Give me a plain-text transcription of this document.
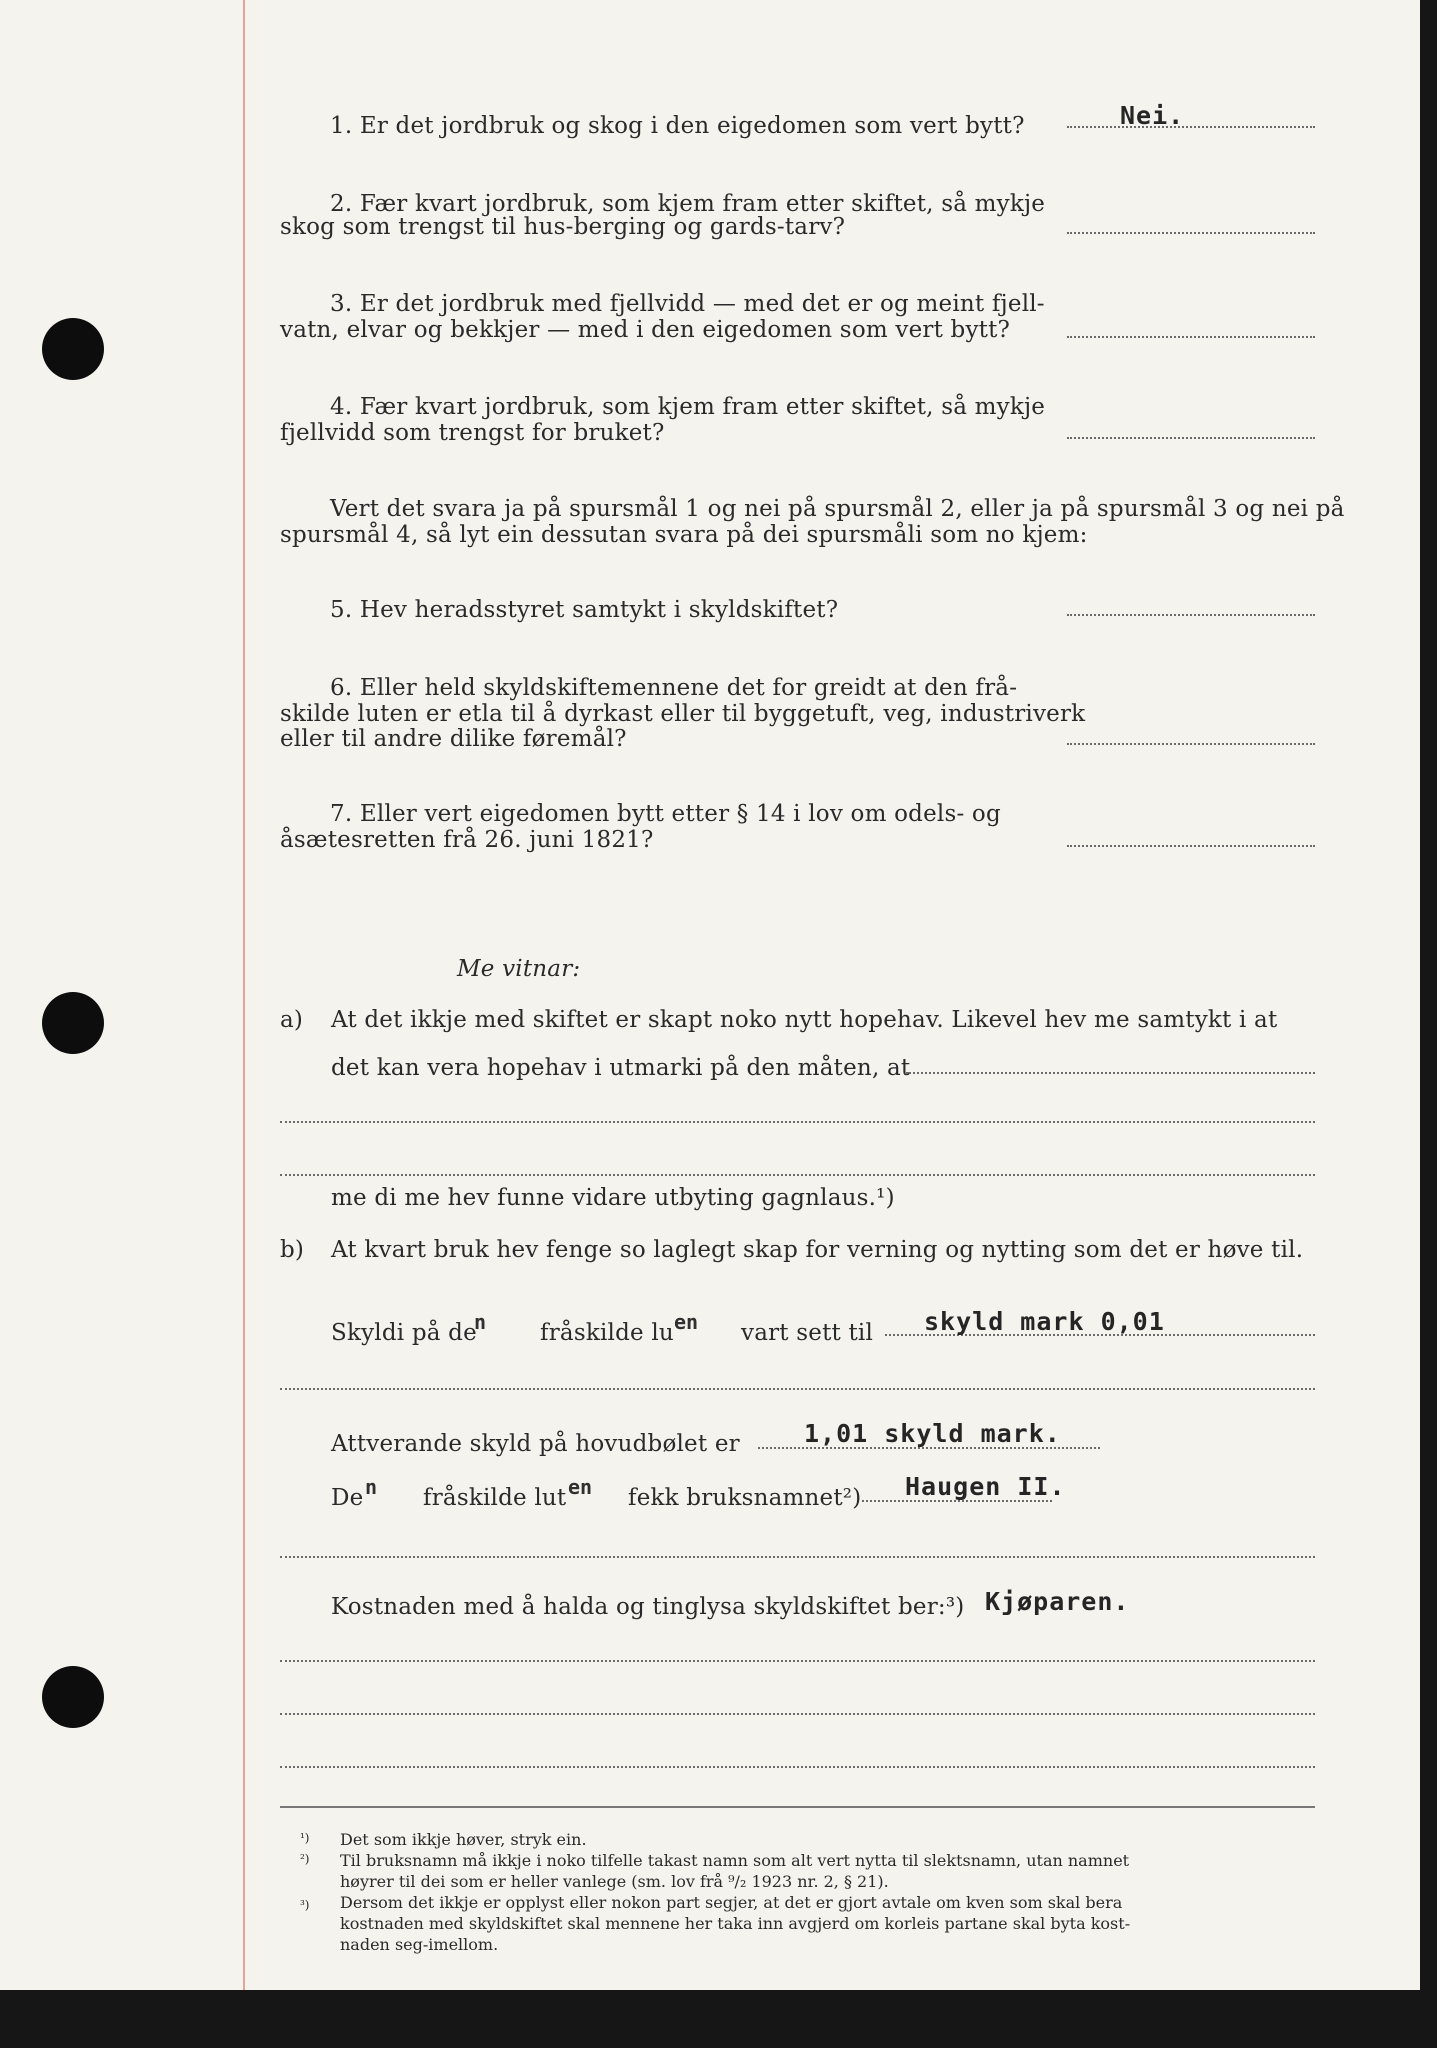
1. Er det jordbruk og skog i den eigedomen som vert bytt?	Nei.
2. Fær kvart jordbruk, som kjem fram etter skiftet, så mykje
skog som trengst til hus-berging og gards-tarv?
3. Er det jordbruk med fjellvidd — med det er og meint fjell-
vatn, elvar og bekkjer — med i den eigedomen som vert bytt?
4. Fær kvart jordbruk, som kjem fram etter skiftet, så mykje
fjellvidd som trengst for bruket?
Vert det svara ja på spursmål 1 og nei på spursmål 2, eller ja på spursmål 3 og nei på
spursmål 4, så lyt ein dessutan svara på dei spursmåli som no kjem:
5. Hev heradsstyret samtykt i skyldskiftet?
6. Eller held skyldskiftemennene det for greidt at den frå-
skilde luten er etla til å dyrkast eller til byggetuft, veg, industriverk
eller til andre dilike føremål?
7. Eller vert eigedomen bytt etter § 14 i lov om odels- og
åsætesretten frå 26. juni 1821?
Me vitnar:
a) At det ikkje med skiftet er skapt noko nytt hopehav. Likevel hev me samtykt i at
det kan vera hopehav i utmarki på den måten, at
me di me hev funne vidare utbyting gagnlaus.¹)
b) At kvart bruk hev fenge so laglegt skap for verning og nytting som det er høve til.
Skyldi på de
n fråskilde lu en vart sett til skyld mark 0,01
Attverande skyld på hovudbølet er	1,01 skyld mark.
De n fråskilde lut en fekk bruksnamnet²) Haugen II.
Kostnaden med å halda og tinglysa skyldskiftet ber:³) Kjøparen.
¹) Det som ikkje høver, stryk ein.
²) Til bruksnamn må ikkje i noko tilfelle takast namn som alt vert nytta til slektsnamn, utan namnet
høyrer til dei som er heller vanlege (sm. lov frå ⁹/₂ 1923 nr. 2, § 21).
³) Dersom det ikkje er opplyst eller nokon part segjer, at det er gjort avtale om kven som skal bera
kostnaden med skyldskiftet skal mennene her taka inn avgjerd om korleis partane skal byta kost-
naden seg-imellom.
